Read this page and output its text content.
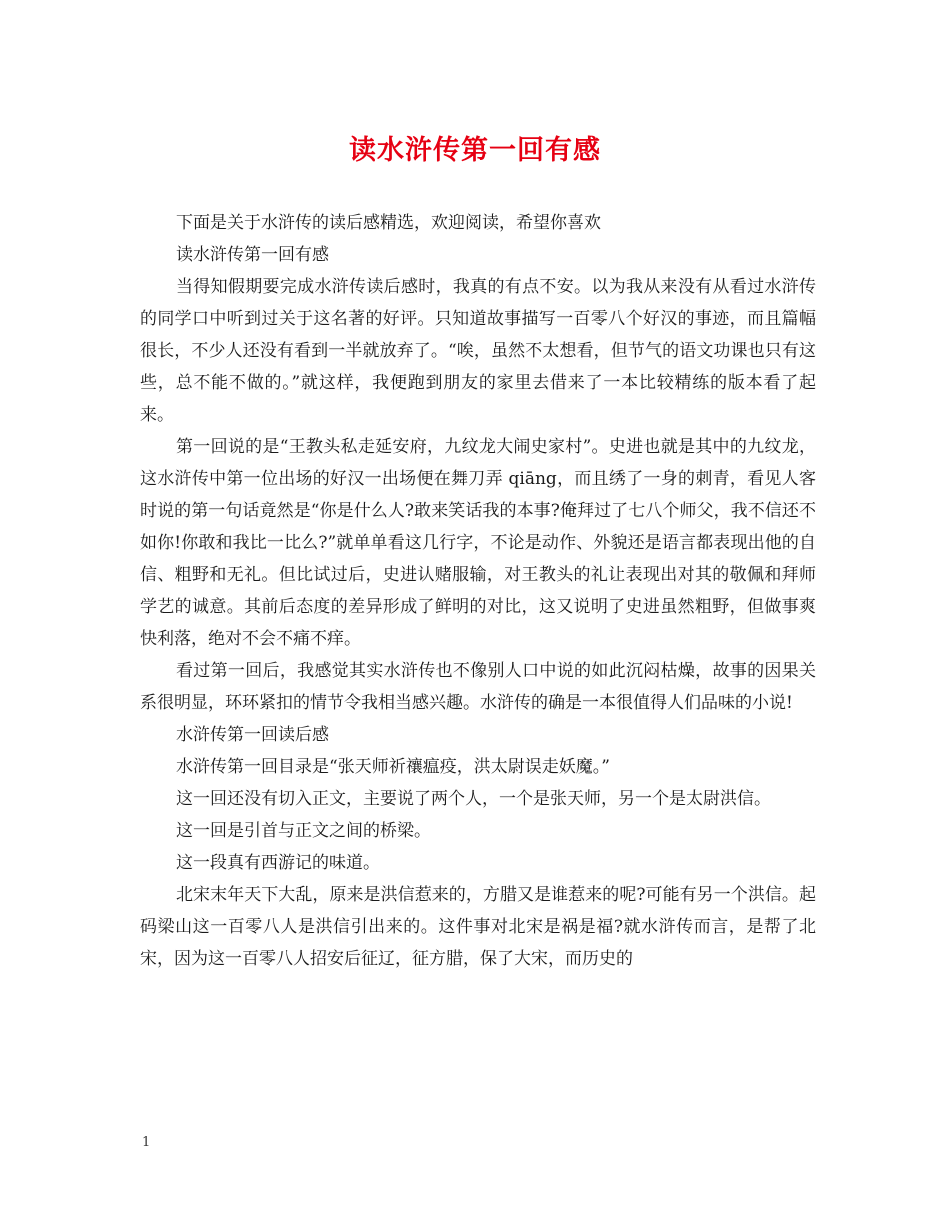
读水浒传第一回有感

下面是关于水浒传的读后感精选，欢迎阅读，希望你喜欢

读水浒传第一回有感

当得知假期要完成水浒传读后感时，我真的有点不安。以为我从来没有从看过水浒传的同学口中听到过关于这名著的好评。只知道故事描写一百零八个好汉的事迹，而且篇幅很长，不少人还没有看到一半就放弃了。“唉，虽然不太想看，但节气的语文功课也只有这些，总不能不做的。”就这样，我便跑到朋友的家里去借来了一本比较精练的版本看了起来。

第一回说的是“王教头私走延安府，九纹龙大闹史家村”。史进也就是其中的九纹龙，这水浒传中第一位出场的好汉一出场便在舞刀弄 qiāng，而且绣了一身的刺青，看见人客时说的第一句话竟然是“你是什么人?敢来笑话我的本事?俺拜过了七八个师父，我不信还不如你!你敢和我比一比么?”就单单看这几行字，不论是动作、外貌还是语言都表现出他的自信、粗野和无礼。但比试过后，史进认赌服输，对王教头的礼让表现出对其的敬佩和拜师学艺的诚意。其前后态度的差异形成了鲜明的对比，这又说明了史进虽然粗野，但做事爽快利落，绝对不会不痛不痒。

看过第一回后，我感觉其实水浒传也不像别人口中说的如此沉闷枯燥，故事的因果关系很明显，环环紧扣的情节令我相当感兴趣。水浒传的确是一本很值得人们品味的小说!

水浒传第一回读后感

水浒传第一回目录是“张天师祈禳瘟疫，洪太尉误走妖魔。”

这一回还没有切入正文，主要说了两个人，一个是张天师，另一个是太尉洪信。

这一回是引首与正文之间的桥梁。

这一段真有西游记的味道。

北宋末年天下大乱，原来是洪信惹来的，方腊又是谁惹来的呢?可能有另一个洪信。起码梁山这一百零八人是洪信引出来的。这件事对北宋是祸是福?就水浒传而言，是帮了北宋，因为这一百零八人招安后征辽，征方腊，保了大宋，而历史的

1
